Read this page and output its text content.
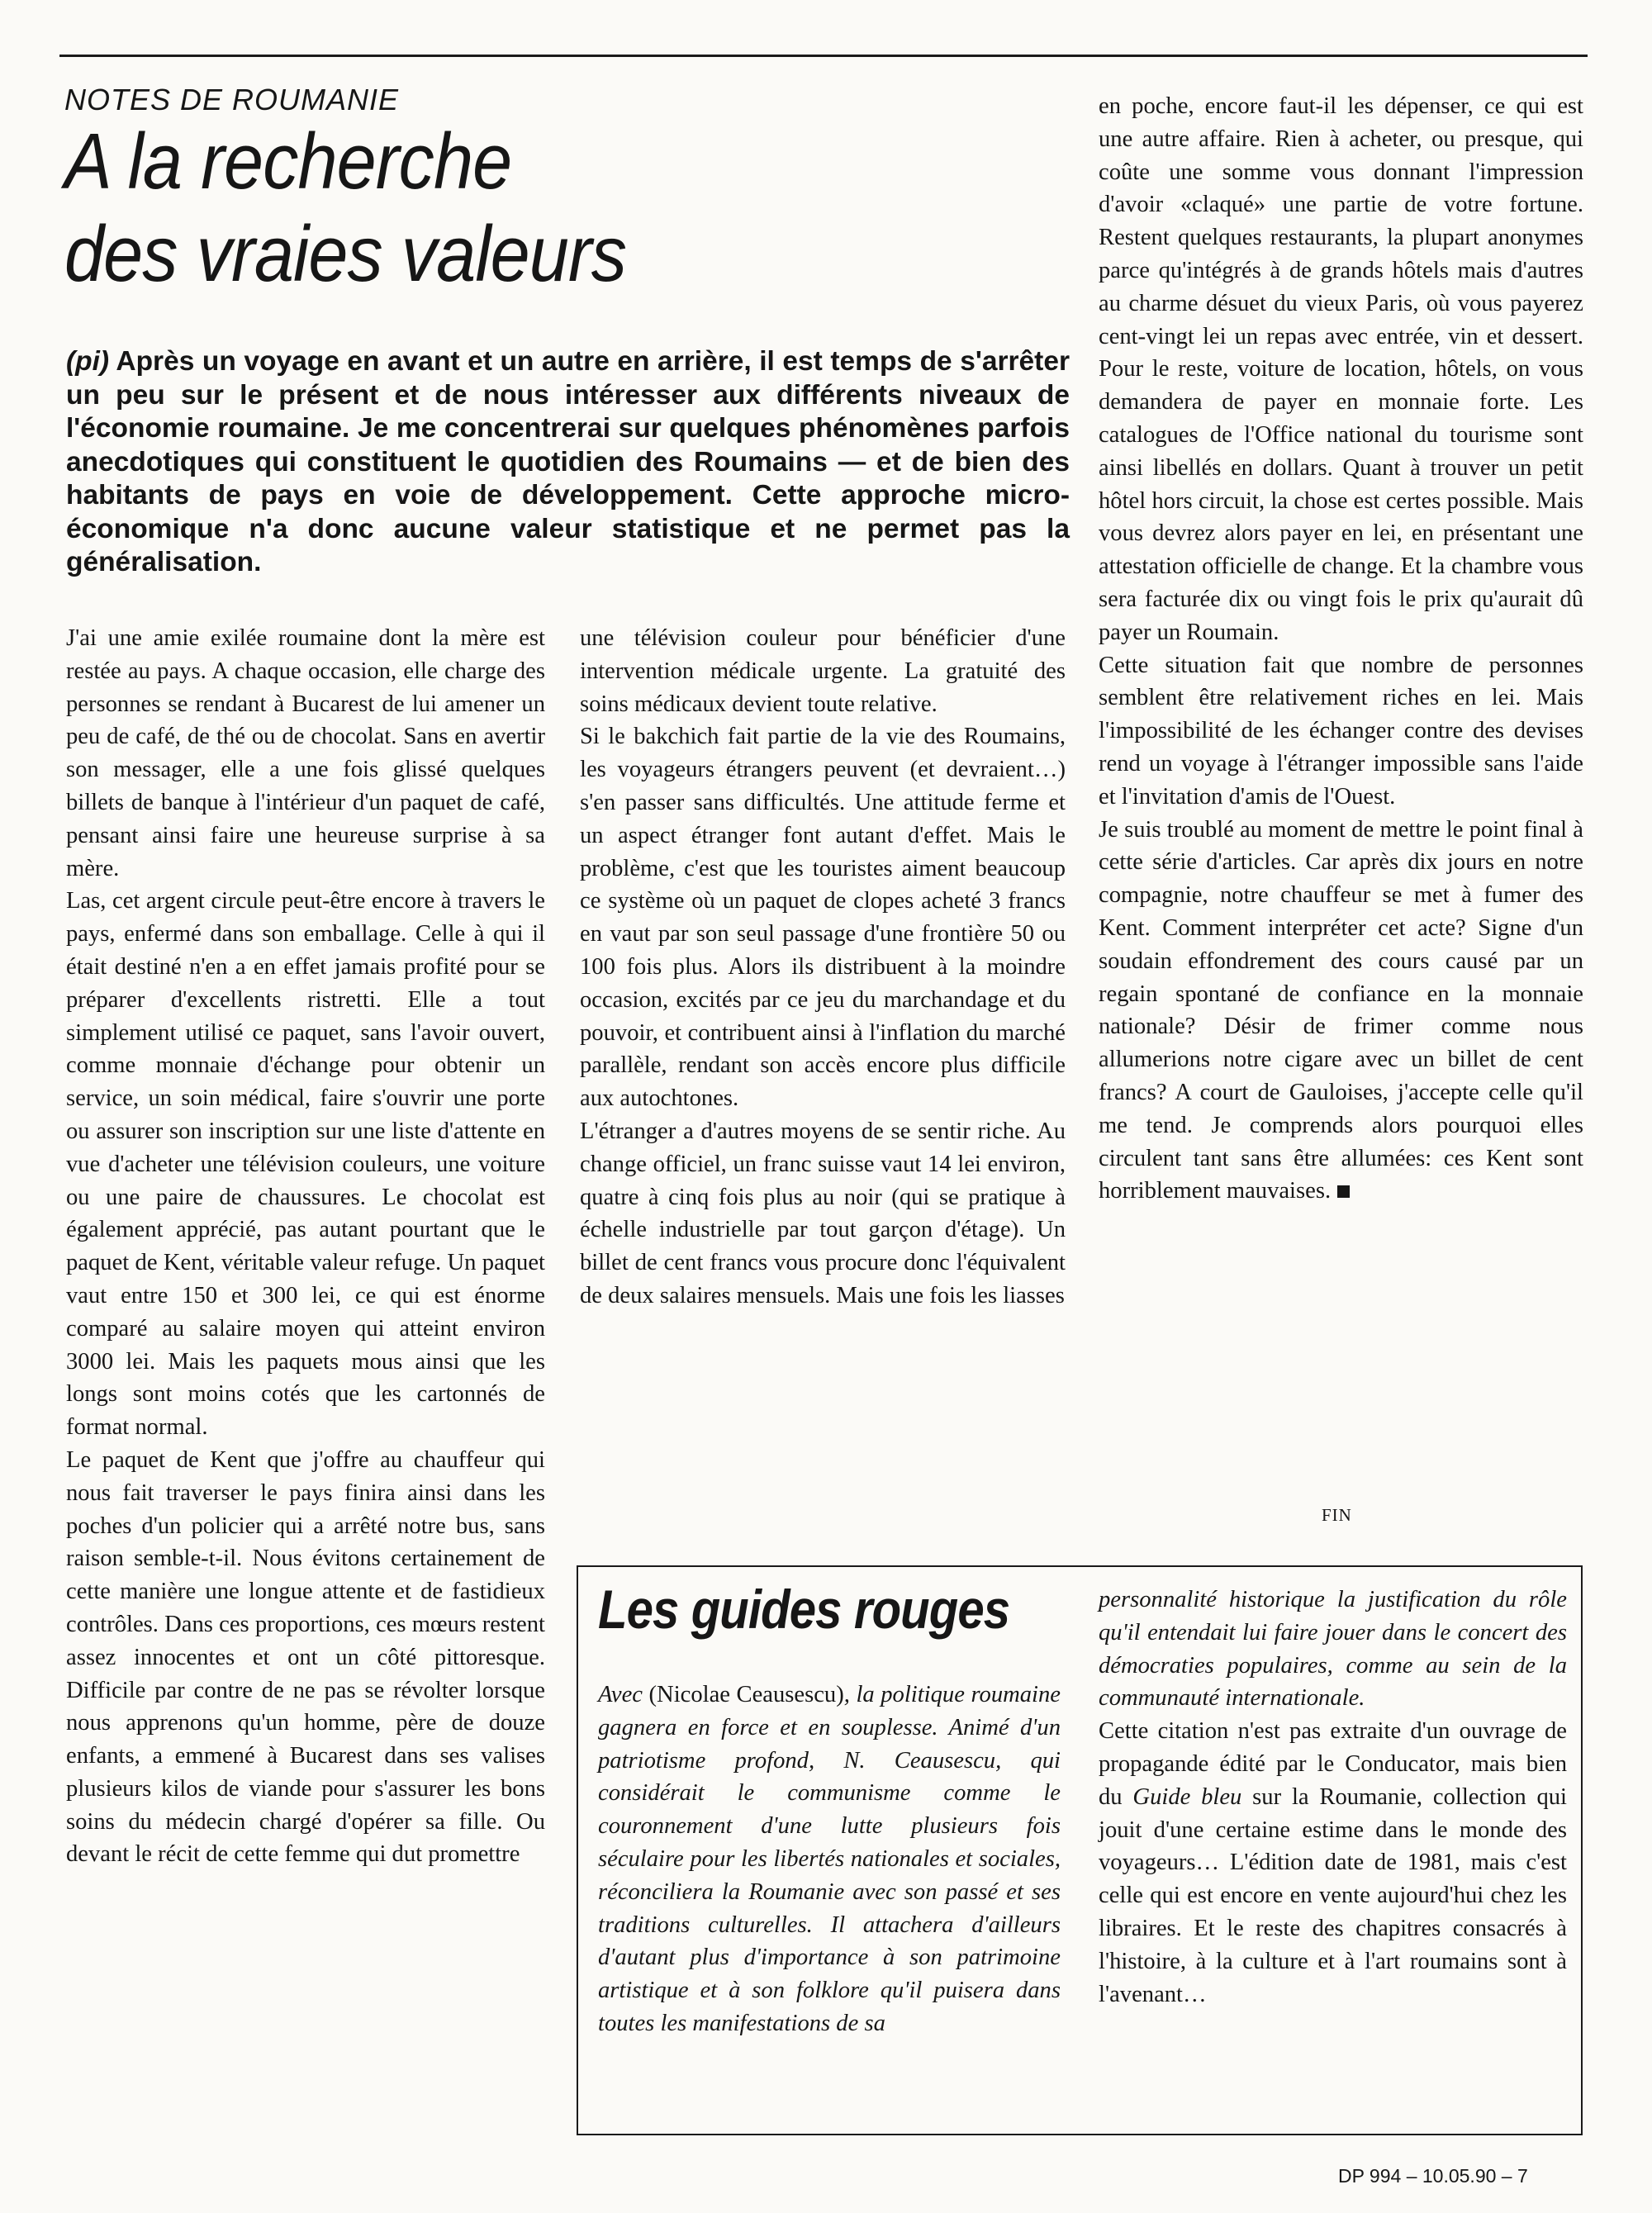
NOTES DE ROUMANIE

A la recherche
des vraies valeurs

(pi) Après un voyage en avant et un autre en arrière, il est temps de s'arrêter un peu sur le présent et de nous intéresser aux différents niveaux de l'économie roumaine. Je me concentrerai sur quelques phénomènes parfois anecdotiques qui constituent le quotidien des Roumains — et de bien des habitants de pays en voie de développement. Cette approche micro-économique n'a donc aucune valeur statistique et ne permet pas la généralisation.

J'ai une amie exilée roumaine dont la mère est restée au pays. A chaque occasion, elle charge des personnes se rendant à Bucarest de lui amener un peu de café, de thé ou de chocolat. Sans en avertir son messager, elle a une fois glissé quelques billets de banque à l'intérieur d'un paquet de café, pensant ainsi faire une heureuse surprise à sa mère.

Las, cet argent circule peut-être encore à travers le pays, enfermé dans son emballage. Celle à qui il était destiné n'en a en effet jamais profité pour se préparer d'excellents ristretti. Elle a tout simplement utilisé ce paquet, sans l'avoir ouvert, comme monnaie d'échange pour obtenir un service, un soin médical, faire s'ouvrir une porte ou assurer son inscription sur une liste d'attente en vue d'acheter une télévision couleurs, une voiture ou une paire de chaussures. Le chocolat est également apprécié, pas autant pourtant que le paquet de Kent, véritable valeur refuge. Un paquet vaut entre 150 et 300 lei, ce qui est énorme comparé au salaire moyen qui atteint environ 3000 lei. Mais les paquets mous ainsi que les longs sont moins cotés que les cartonnés de format normal.

Le paquet de Kent que j'offre au chauffeur qui nous fait traverser le pays finira ainsi dans les poches d'un policier qui a arrêté notre bus, sans raison semble-t-il. Nous évitons certainement de cette manière une longue attente et de fastidieux contrôles. Dans ces proportions, ces mœurs restent assez innocentes et ont un côté pittoresque. Difficile par contre de ne pas se révolter lorsque nous apprenons qu'un homme, père de douze enfants, a emmené à Bucarest dans ses valises plusieurs kilos de viande pour s'assurer les bons soins du médecin chargé d'opérer sa fille. Ou devant le récit de cette femme qui dut promettre

une télévision couleur pour bénéficier d'une intervention médicale urgente. La gratuité des soins médicaux devient toute relative.

Si le bakchich fait partie de la vie des Roumains, les voyageurs étrangers peuvent (et devraient…) s'en passer sans difficultés. Une attitude ferme et un aspect étranger font autant d'effet. Mais le problème, c'est que les touristes aiment beaucoup ce système où un paquet de clopes acheté 3 francs en vaut par son seul passage d'une frontière 50 ou 100 fois plus. Alors ils distribuent à la moindre occasion, excités par ce jeu du marchandage et du pouvoir, et contribuent ainsi à l'inflation du marché parallèle, rendant son accès encore plus difficile aux autochtones.

L'étranger a d'autres moyens de se sentir riche. Au change officiel, un franc suisse vaut 14 lei environ, quatre à cinq fois plus au noir (qui se pratique à échelle industrielle par tout garçon d'étage). Un billet de cent francs vous procure donc l'équivalent de deux salaires mensuels. Mais une fois les liasses

en poche, encore faut-il les dépenser, ce qui est une autre affaire. Rien à acheter, ou presque, qui coûte une somme vous donnant l'impression d'avoir «claqué» une partie de votre fortune. Restent quelques restaurants, la plupart anonymes parce qu'intégrés à de grands hôtels mais d'autres au charme désuet du vieux Paris, où vous payerez cent-vingt lei un repas avec entrée, vin et dessert. Pour le reste, voiture de location, hôtels, on vous demandera de payer en monnaie forte. Les catalogues de l'Office national du tourisme sont ainsi libellés en dollars. Quant à trouver un petit hôtel hors circuit, la chose est certes possible. Mais vous devrez alors payer en lei, en présentant une attestation officielle de change. Et la chambre vous sera facturée dix ou vingt fois le prix qu'aurait dû payer un Roumain.

Cette situation fait que nombre de personnes semblent être relativement riches en lei. Mais l'impossibilité de les échanger contre des devises rend un voyage à l'étranger impossible sans l'aide et l'invitation d'amis de l'Ouest.

Je suis troublé au moment de mettre le point final à cette série d'articles. Car après dix jours en notre compagnie, notre chauffeur se met à fumer des Kent. Comment interpréter cet acte? Signe d'un soudain effondrement des cours causé par un regain spontané de confiance en la monnaie nationale? Désir de frimer comme nous allumerions notre cigare avec un billet de cent francs? A court de Gauloises, j'accepte celle qu'il me tend. Je comprends alors pourquoi elles circulent tant sans être allumées: ces Kent sont horriblement mauvaises.

FIN
Les guides rouges

Avec (Nicolae Ceausescu), la politique roumaine gagnera en force et en souplesse. Animé d'un patriotisme profond, N. Ceausescu, qui considérait le communisme comme le couronnement d'une lutte plusieurs fois séculaire pour les libertés nationales et sociales, réconciliera la Roumanie avec son passé et ses traditions culturelles. Il attachera d'ailleurs d'autant plus d'importance à son patrimoine artistique et à son folklore qu'il puisera dans toutes les manifestations de sa

personnalité historique la justification du rôle qu'il entendait lui faire jouer dans le concert des démocraties populaires, comme au sein de la communauté internationale.

Cette citation n'est pas extraite d'un ouvrage de propagande édité par le Conducator, mais bien du Guide bleu sur la Roumanie, collection qui jouit d'une certaine estime dans le monde des voyageurs… L'édition date de 1981, mais c'est celle qui est encore en vente aujourd'hui chez les libraires. Et le reste des chapitres consacrés à l'histoire, à la culture et à l'art roumains sont à l'avenant…

DP 994 – 10.05.90 – 7
